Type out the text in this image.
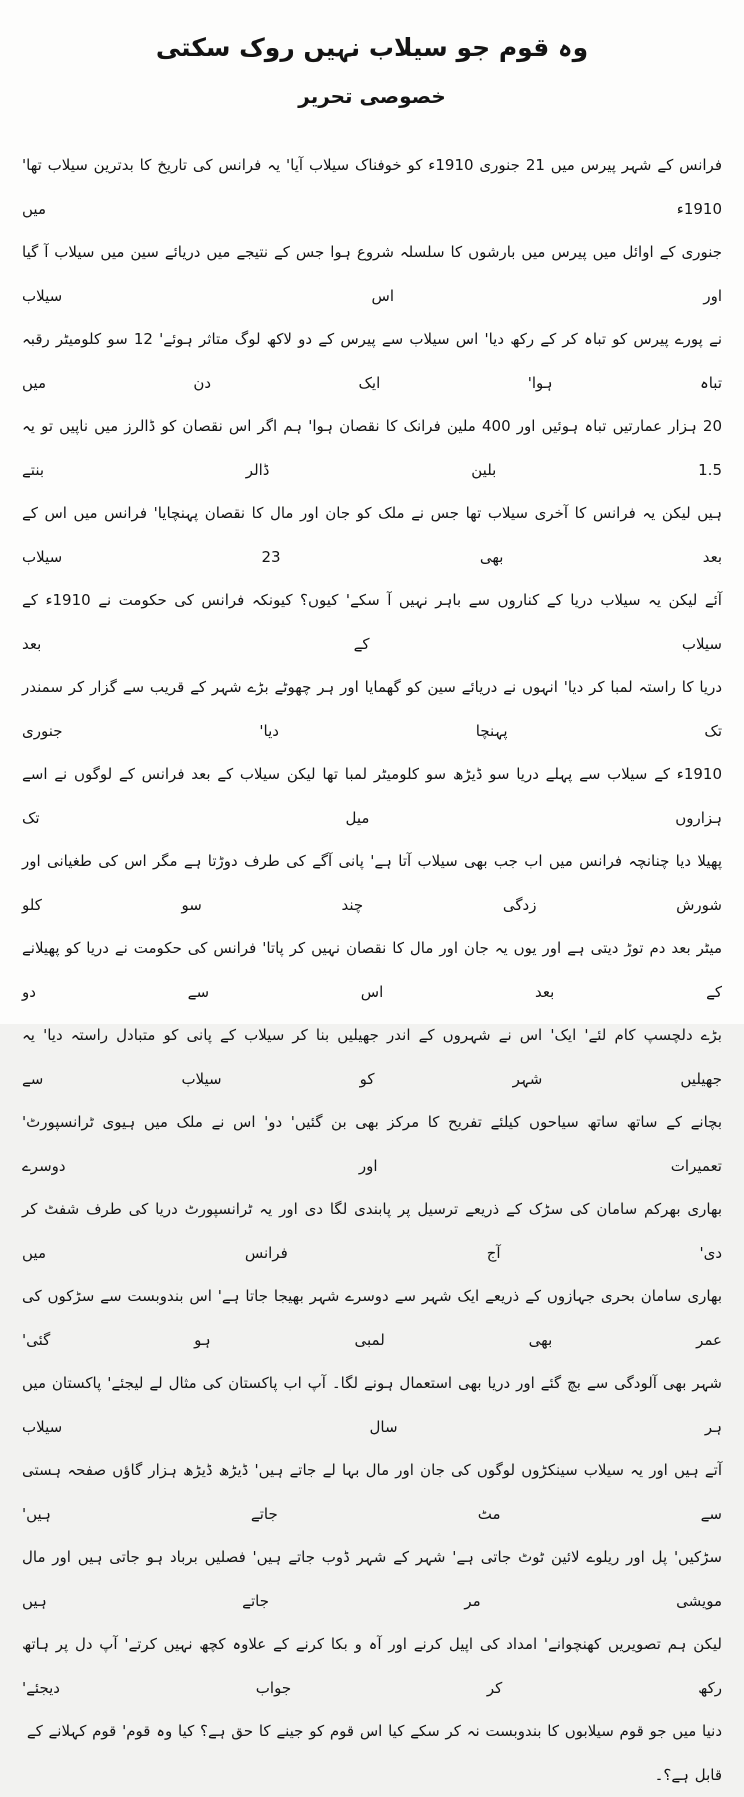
وہ قوم جو سیلاب نہیں روک سکتی
خصوصی تحریر
فرانس کے شہر پیرس میں 21 جنوری 1910ء کو خوفناک سیلاب آیا' یہ فرانس کی تاریخ کا بدترین سیلاب تھا' 1910ء میں
جنوری کے اوائل میں پیرس میں بارشوں کا سلسلہ شروع ہوا جس کے نتیجے میں دریائے سین میں سیلاب آ گیا اور اس سیلاب
نے پورے پیرس کو تباہ کر کے رکھ دیا' اس سیلاب سے پیرس کے دو لاکھ لوگ متاثر ہوئے' 12 سو کلومیٹر رقبہ تباہ ہوا' ایک دن میں
20 ہزار عمارتیں تباہ ہوئیں اور 400 ملین فرانک کا نقصان ہوا' ہم اگر اس نقصان کو ڈالرز میں ناپیں تو یہ 1.5 بلین ڈالر بنتے
ہیں لیکن یہ فرانس کا آخری سیلاب تھا جس نے ملک کو جان اور مال کا نقصان پہنچایا' فرانس میں اس کے بعد بھی 23 سیلاب
آئے لیکن یہ سیلاب دریا کے کناروں سے باہر نہیں آ سکے' کیوں؟ کیونکہ فرانس کی حکومت نے 1910ء کے سیلاب کے بعد
دریا کا راستہ لمبا کر دیا' انہوں نے دریائے سین کو گھمایا اور ہر چھوٹے بڑے شہر کے قریب سے گزار کر سمندر تک پہنچا دیا' جنوری
1910ء کے سیلاب سے پہلے دریا سو ڈیڑھ سو کلومیٹر لمبا تھا لیکن سیلاب کے بعد فرانس کے لوگوں نے اسے ہزاروں میل تک
پھیلا دیا چنانچہ فرانس میں اب جب بھی سیلاب آتا ہے' پانی آگے کی طرف دوڑتا ہے مگر اس کی طغیانی اور شورش زدگی چند سو کلو
میٹر بعد دم توڑ دیتی ہے اور یوں یہ جان اور مال کا نقصان نہیں کر پاتا' فرانس کی حکومت نے دریا کو پھیلانے کے بعد اس سے دو
بڑے دلچسپ کام لئے' ایک' اس نے شہروں کے اندر جھیلیں بنا کر سیلاب کے پانی کو متبادل راستہ دیا' یہ جھیلیں شہر کو سیلاب سے
بچانے کے ساتھ ساتھ سیاحوں کیلئے تفریح کا مرکز بھی بن گئیں' دو' اس نے ملک میں ہیوی ٹرانسپورٹ' تعمیرات اور دوسرے
بھاری بھرکم سامان کی سڑک کے ذریعے ترسیل پر پابندی لگا دی اور یہ ٹرانسپورٹ دریا کی طرف شفٹ کر دی' آج فرانس میں
بھاری سامان بحری جہازوں کے ذریعے ایک شہر سے دوسرے شہر بھیجا جاتا ہے' اس بندوبست سے سڑکوں کی عمر بھی لمبی ہو گئی'
شہر بھی آلودگی سے بچ گئے اور دریا بھی استعمال ہونے لگا۔ آپ اب پاکستان کی مثال لے لیجئے' پاکستان میں ہر سال سیلاب
آتے ہیں اور یہ سیلاب سینکڑوں لوگوں کی جان اور مال بہا لے جاتے ہیں' ڈیڑھ ڈیڑھ ہزار گاؤں صفحہ ہستی سے مٹ جاتے ہیں'
سڑکیں' پل اور ریلوے لائین ٹوٹ جاتی ہے' شہر کے شہر ڈوب جاتے ہیں' فصلیں برباد ہو جاتی ہیں اور مال مویشی مر جاتے ہیں
لیکن ہم تصویریں کھنچوانے' امداد کی اپیل کرنے اور آہ و بکا کرنے کے علاوہ کچھ نہیں کرتے' آپ دل پر ہاتھ رکھ کر جواب دیجئے'
دنیا میں جو قوم سیلابوں کا بندوبست نہ کر سکے کیا اس قوم کو جینے کا حق ہے؟ کیا وہ قوم' قوم کہلانے کے قابل ہے؟۔
